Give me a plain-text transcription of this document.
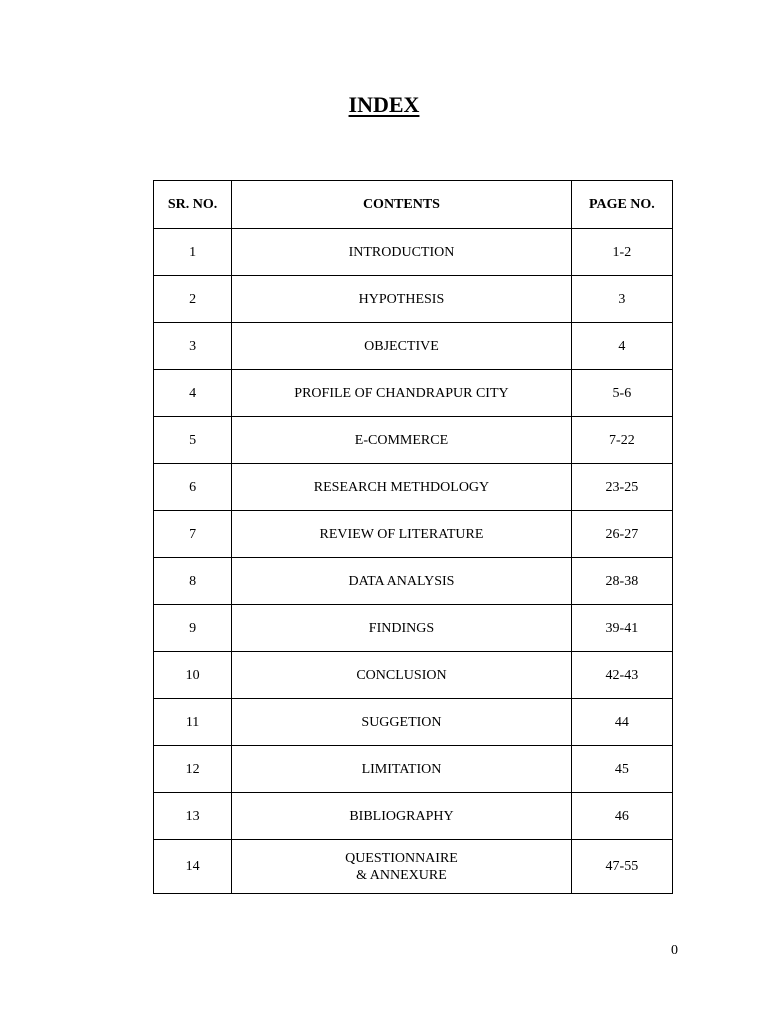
INDEX
SR. NO.	CONTENTS	PAGE NO.
1	INTRODUCTION	1-2
2	HYPOTHESIS	3
3	OBJECTIVE	4
4	PROFILE OF CHANDRAPUR CITY	5-6
5	E-COMMERCE	7-22
6	RESEARCH METHDOLOGY	23-25
7	REVIEW OF LITERATURE	26-27
8	DATA ANALYSIS	28-38
9	FINDINGS	39-41
10	CONCLUSION	42-43
11	SUGGETION	44
12	LIMITATION	45
13	BIBLIOGRAPHY	46
14	QUESTIONNAIRE
& ANNEXURE	47-55
0
